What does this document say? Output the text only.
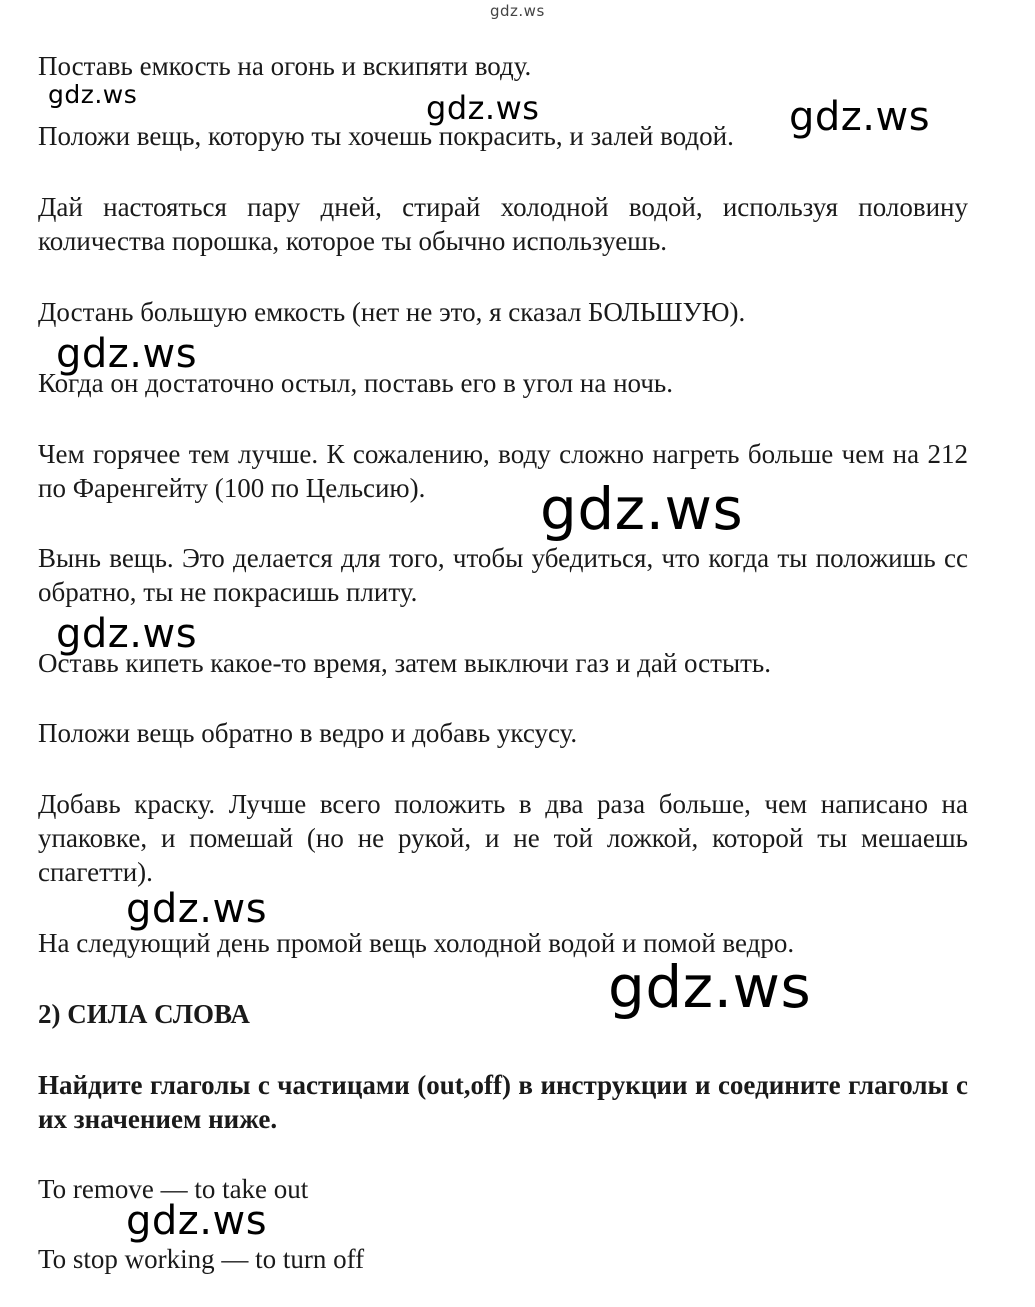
Поставь емкость на огонь и вскипяти воду.

Положи вещь, которую ты хочешь покрасить, и залей водой.

Дай настояться пару дней, стирай холодной водой, используя половину количества порошка, которое ты обычно используешь.

Достань большую емкость (нет не это, я сказал БОЛЬШУЮ).

Когда он достаточно остыл, поставь его в угол на ночь.

Чем горячее тем лучше. К сожалению, воду сложно нагреть больше чем на 212 по Фаренгейту (100 по Цельсию).

Вынь вещь. Это делается для того, чтобы убедиться, что когда ты положишь сс обратно, ты не покрасишь плиту.

Оставь кипеть какое-то время, затем выключи газ и дай остыть.

Положи вещь обратно в ведро и добавь уксусу.

Добавь краску. Лучше всего положить в два раза больше, чем написано на упаковке, и помешай (но не рукой, и не той ложкой, которой ты мешаешь спагетти).

На следующий день промой вещь холодной водой и помой ведро.

2) СИЛА СЛОВА

Найдите глаголы с частицами (out,off) в инструкции и соедините глаголы с их значением ниже.

To remove — to take out

To stop working — to turn off

gdz.ws
gdz.ws	gdz.ws	gdz.ws
gdz.ws
gdz.ws
gdz.ws
gdz.ws
gdz.ws
gdz.ws
